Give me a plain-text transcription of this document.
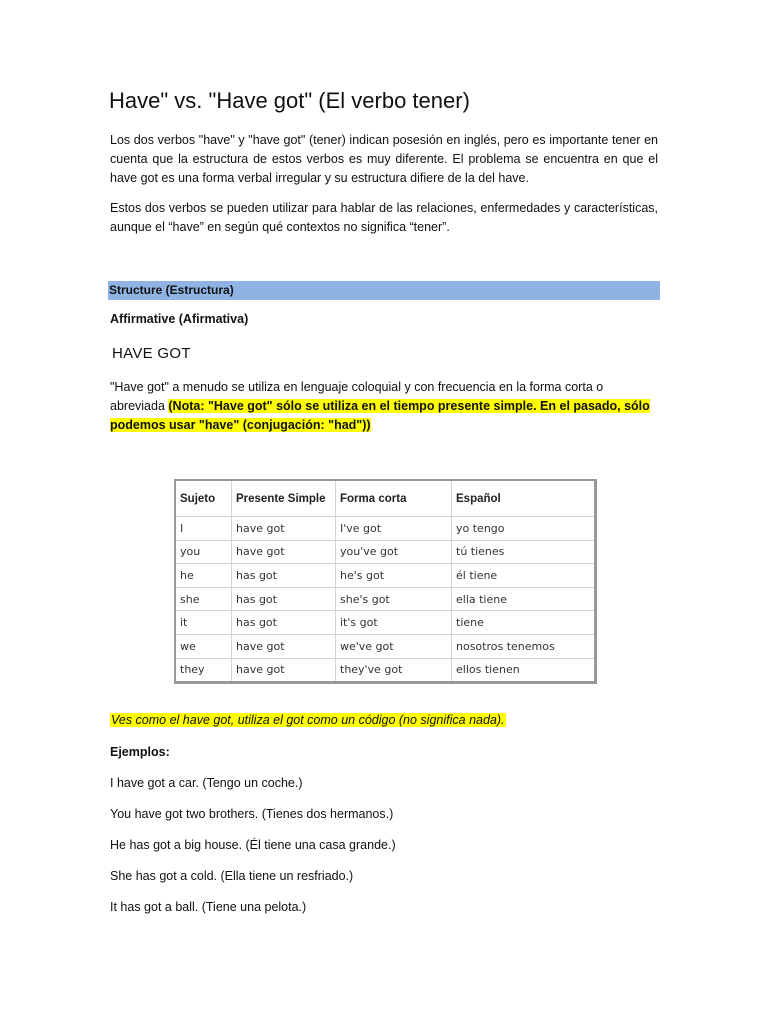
Have" vs. "Have got" (El verbo tener)

Los dos verbos "have" y "have got" (tener) indican posesión en inglés, pero es importante tener en cuenta que la estructura de estos verbos es muy diferente. El problema se encuentra en que el have got es una forma verbal irregular y su estructura difiere de la del have.

Estos dos verbos se pueden utilizar para hablar de las relaciones, enfermedades y características, aunque el “have” en según qué contextos no significa “tener”.

Structure (Estructura)
Affirmative (Afirmativa)
HAVE GOT

"Have got" a menudo se utiliza en lenguaje coloquial y con frecuencia en la forma corta o abreviada (Nota: "Have got" sólo se utiliza en el tiempo presente simple. En el pasado, sólo podemos usar "have" (conjugación: "had"))

Sujeto	Presente Simple	Forma corta	Español
I	have got	I've got	yo tengo
you	have got	you've got	tú tienes
he	has got	he's got	él tiene
she	has got	she's got	ella tiene
it	has got	it's got	tiene
we	have got	we've got	nosotros tenemos
they	have got	they've got	ellos tienen
Ves como el have got, utiliza el got como un código (no significa nada).
Ejemplos:
I have got a car. (Tengo un coche.)
You have got two brothers. (Tienes dos hermanos.)
He has got a big house. (Él tiene una casa grande.)
She has got a cold. (Ella tiene un resfriado.)
It has got a ball. (Tiene una pelota.)
